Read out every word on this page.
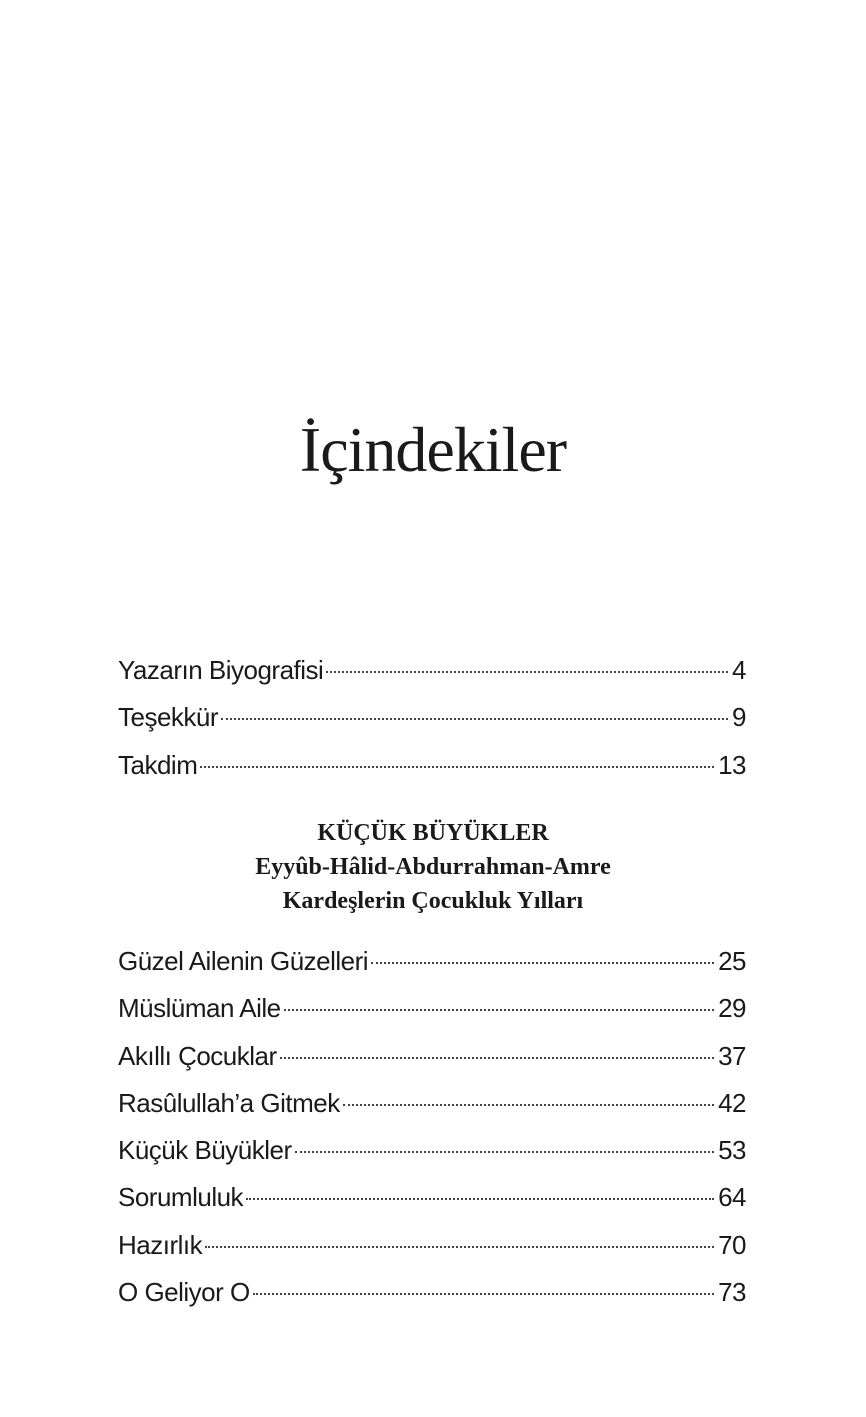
İçindekiler
Yazarın Biyografisi	4
Teşekkür	9
Takdim	13
KÜÇÜK BÜYÜKLER
Eyyûb-Hâlid-Abdurrahman-Amre
Kardeşlerin Çocukluk Yılları
Güzel Ailenin Güzelleri	25
Müslüman Aile	29
Akıllı Çocuklar	37
Rasûlullah’a Gitmek	42
Küçük Büyükler	53
Sorumluluk	64
Hazırlık	70
O Geliyor O	73
